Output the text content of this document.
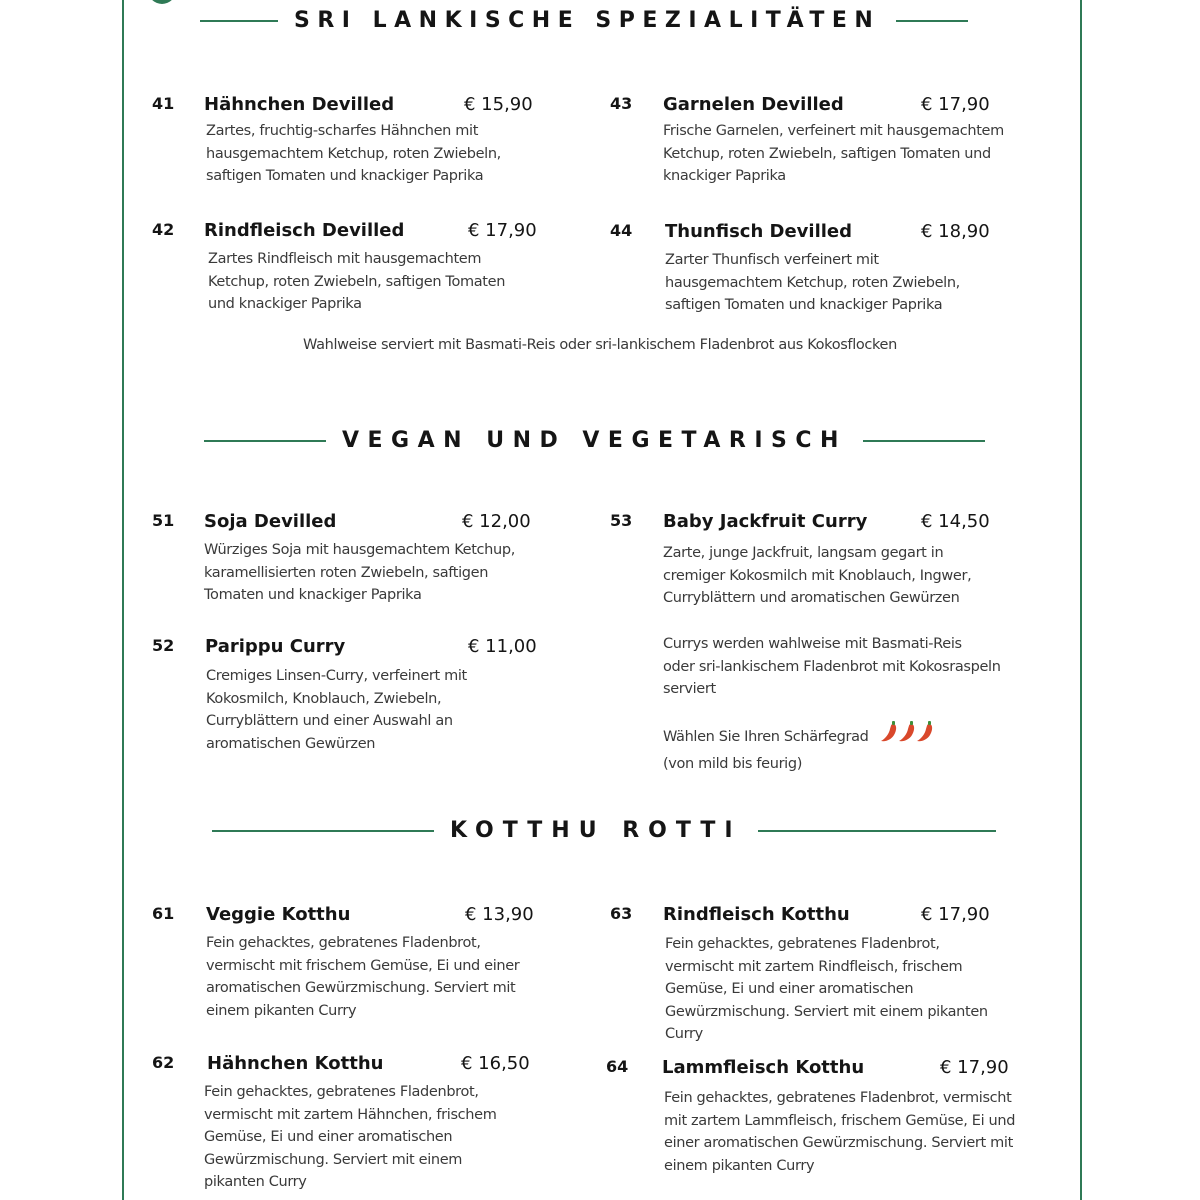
SRI LANKISCHE SPEZIALITÄTEN
41 Hähnchen Devilled	€ 15,90
Zartes, fruchtig-scharfes Hähnchen mit
hausgemachtem Ketchup, roten Zwiebeln,
saftigen Tomaten und knackiger Paprika
42 Rindfleisch Devilled	€ 17,90
Zartes Rindfleisch mit hausgemachtem
Ketchup, roten Zwiebeln, saftigen Tomaten
und knackiger Paprika
43 Garnelen Devilled	€ 17,90
Frische Garnelen, verfeinert mit hausgemachtem
Ketchup, roten Zwiebeln, saftigen Tomaten und
knackiger Paprika
44 Thunfisch Devilled	€ 18,90
Zarter Thunfisch verfeinert mit
hausgemachtem Ketchup, roten Zwiebeln,
saftigen Tomaten und knackiger Paprika
Wahlweise serviert mit Basmati-Reis oder sri-lankischem Fladenbrot aus Kokosflocken
VEGAN UND VEGETARISCH
51 Soja Devilled	€ 12,00
Würziges Soja mit hausgemachtem Ketchup,
karamellisierten roten Zwiebeln, saftigen
Tomaten und knackiger Paprika
52 Parippu Curry	€ 11,00
Cremiges Linsen-Curry, verfeinert mit
Kokosmilch, Knoblauch, Zwiebeln,
Curryblättern und einer Auswahl an
aromatischen Gewürzen
53 Baby Jackfruit Curry	€ 14,50
Zarte, junge Jackfruit, langsam gegart in
cremiger Kokosmilch mit Knoblauch, Ingwer,
Curryblättern und aromatischen Gewürzen
Currys werden wahlweise mit Basmati-Reis
oder sri-lankischem Fladenbrot mit Kokosraspeln
serviert
Wählen Sie Ihren Schärfegrad
(von mild bis feurig)
KOTTHU ROTTI
61 Veggie Kotthu	€ 13,90
Fein gehacktes, gebratenes Fladenbrot,
vermischt mit frischem Gemüse, Ei und einer
aromatischen Gewürzmischung. Serviert mit
einem pikanten Curry
62 Hähnchen Kotthu	€ 16,50
Fein gehacktes, gebratenes Fladenbrot,
vermischt mit zartem Hähnchen, frischem
Gemüse, Ei und einer aromatischen
Gewürzmischung. Serviert mit einem
pikanten Curry
63 Rindfleisch Kotthu	€ 17,90
Fein gehacktes, gebratenes Fladenbrot,
vermischt mit zartem Rindfleisch, frischem
Gemüse, Ei und einer aromatischen
Gewürzmischung. Serviert mit einem pikanten
Curry
64 Lammfleisch Kotthu	€ 17,90
Fein gehacktes, gebratenes Fladenbrot, vermischt
mit zartem Lammfleisch, frischem Gemüse, Ei und
einer aromatischen Gewürzmischung. Serviert mit
einem pikanten Curry
